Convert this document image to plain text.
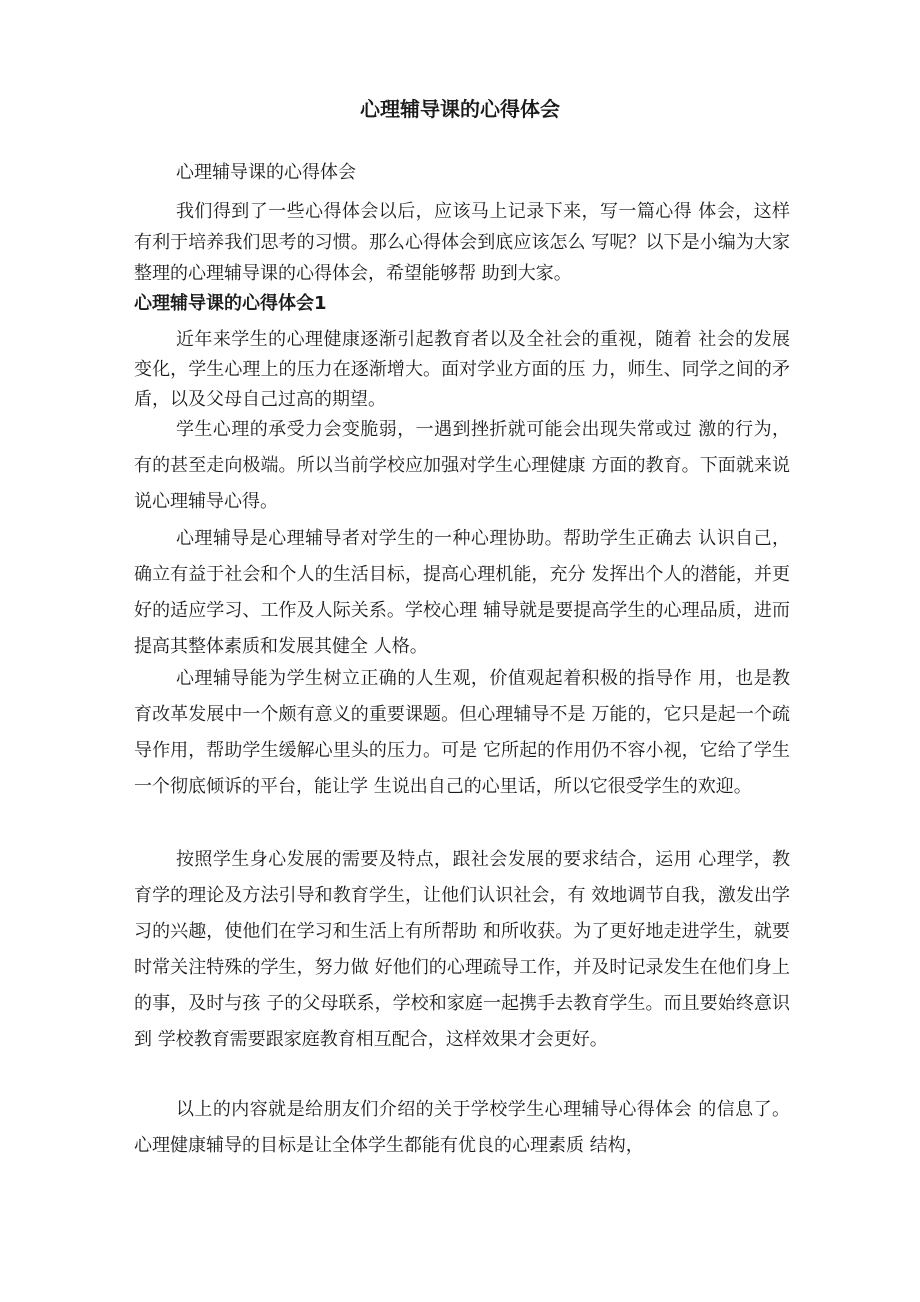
心理辅导课的心得体会

心理辅导课的心得体会

我们得到了一些心得体会以后，应该马上记录下来，写一篇心得 体会，这样有利于培养我们思考的习惯。那么心得体会到底应该怎么 写呢？以下是小编为大家整理的心理辅导课的心得体会，希望能够帮 助到大家。

心理辅导课的心得体会1

近年来学生的心理健康逐渐引起教育者以及全社会的重视，随着 社会的发展变化，学生心理上的压力在逐渐增大。面对学业方面的压 力，师生、同学之间的矛盾，以及父母自己过高的期望。

学生心理的承受力会变脆弱，一遇到挫折就可能会出现失常或过 激的行为，有的甚至走向极端。所以当前学校应加强对学生心理健康 方面的教育。下面就来说说心理辅导心得。

心理辅导是心理辅导者对学生的一种心理协助。帮助学生正确去 认识自己，确立有益于社会和个人的生活目标，提高心理机能，充分 发挥出个人的潜能，并更好的适应学习、工作及人际关系。学校心理 辅导就是要提高学生的心理品质，进而提高其整体素质和发展其健全 人格。

心理辅导能为学生树立正确的人生观，价值观起着积极的指导作 用，也是教育改革发展中一个颇有意义的重要课题。但心理辅导不是 万能的，它只是起一个疏导作用，帮助学生缓解心里头的压力。可是 它所起的作用仍不容小视，它给了学生一个彻底倾诉的平台，能让学 生说出自己的心里话，所以它很受学生的欢迎。

按照学生身心发展的需要及特点，跟社会发展的要求结合，运用 心理学，教育学的理论及方法引导和教育学生，让他们认识社会，有 效地调节自我，激发出学习的兴趣，使他们在学习和生活上有所帮助 和所收获。为了更好地走进学生，就要时常关注特殊的学生，努力做 好他们的心理疏导工作，并及时记录发生在他们身上的事，及时与孩 子的父母联系，学校和家庭一起携手去教育学生。而且要始终意识到 学校教育需要跟家庭教育相互配合，这样效果才会更好。

以上的内容就是给朋友们介绍的关于学校学生心理辅导心得体会 的信息了。心理健康辅导的目标是让全体学生都能有优良的心理素质 结构，
